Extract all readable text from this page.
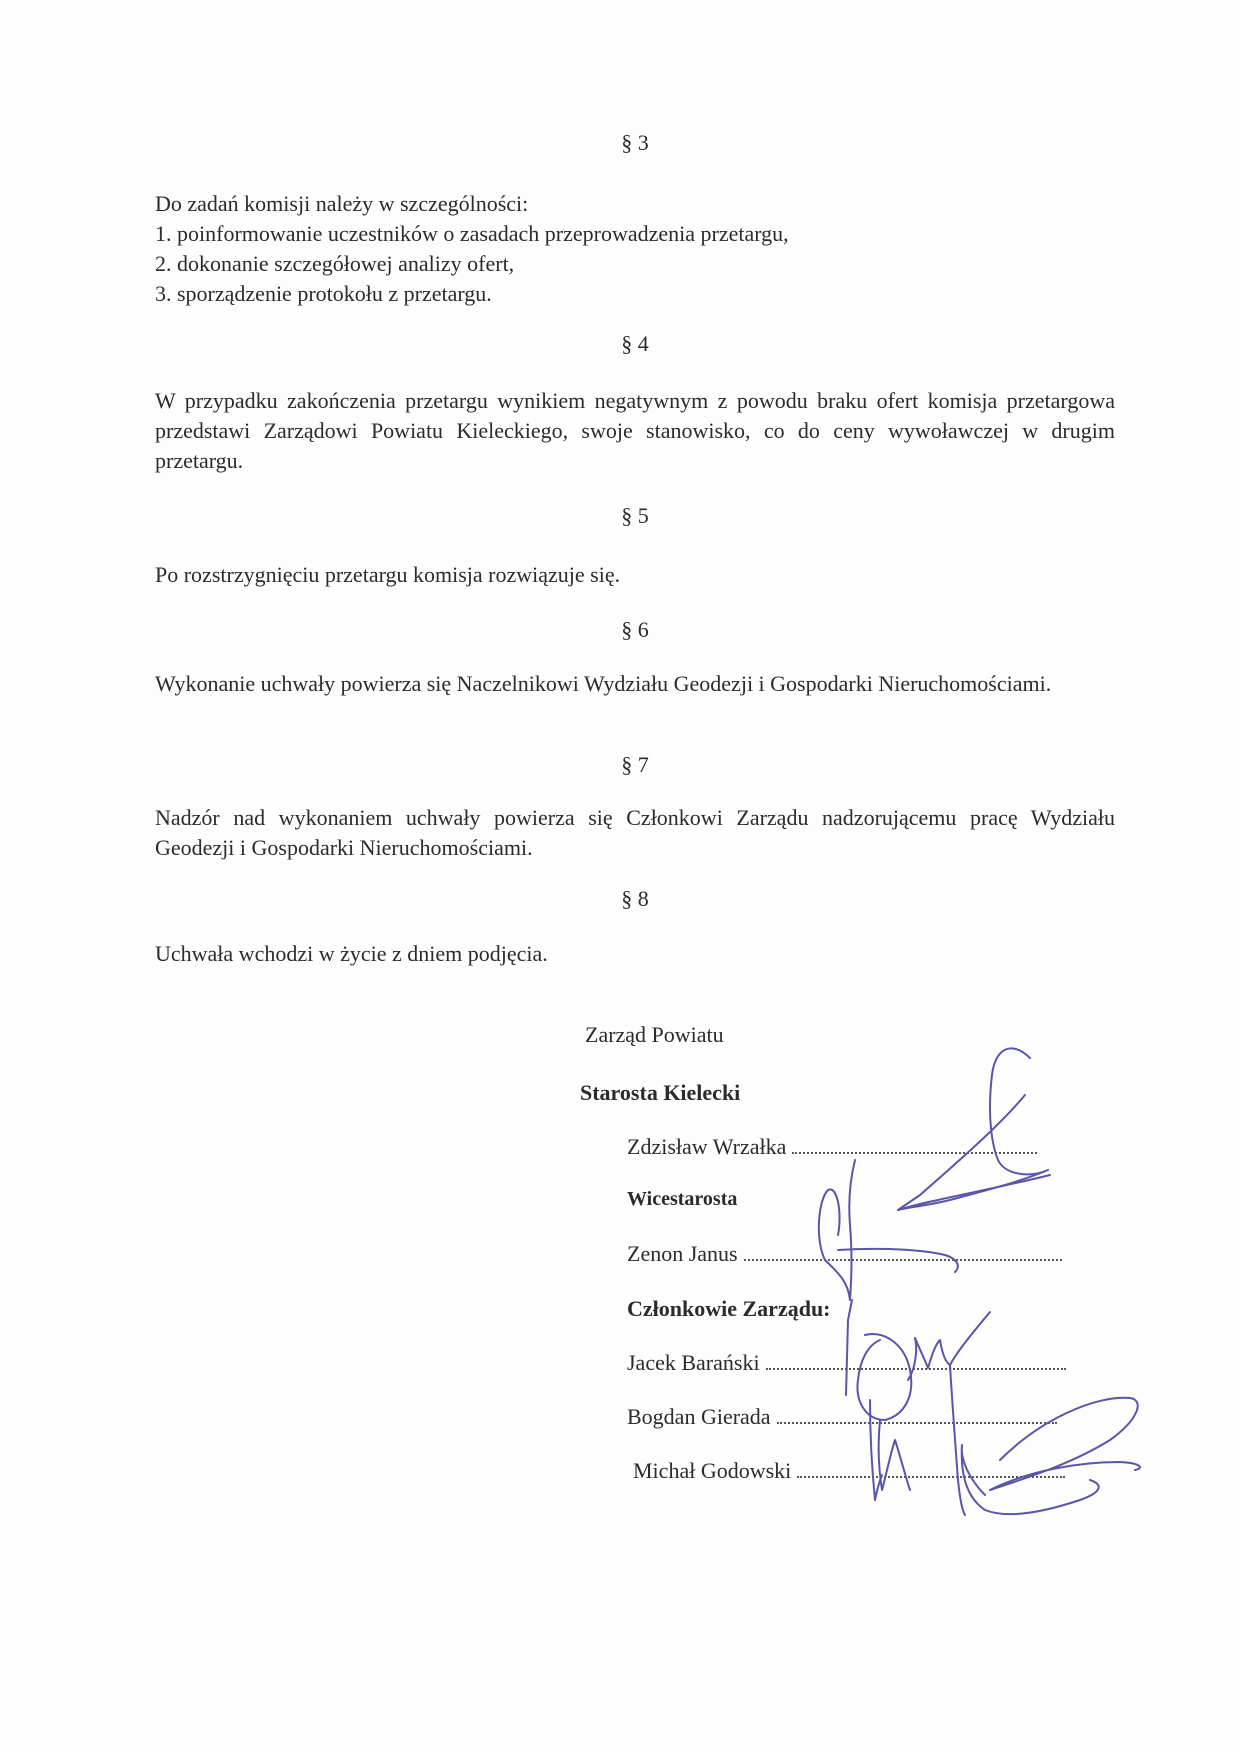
§ 3
Do zadań komisji należy w szczególności:
1. poinformowanie uczestników o zasadach przeprowadzenia przetargu,
2. dokonanie szczegółowej analizy ofert,
3. sporządzenie protokołu z przetargu.
§ 4
W przypadku zakończenia przetargu wynikiem negatywnym z powodu braku ofert komisja przetargowa przedstawi Zarządowi Powiatu Kieleckiego, swoje stanowisko, co do ceny wywoławczej w drugim przetargu.
§ 5
Po rozstrzygnięciu przetargu komisja rozwiązuje się.
§ 6
Wykonanie uchwały powierza się Naczelnikowi Wydziału Geodezji i Gospodarki Nieruchomościami.
§ 7
Nadzór nad wykonaniem uchwały powierza się Członkowi Zarządu nadzorującemu pracę Wydziału Geodezji i Gospodarki Nieruchomościami.
§ 8
Uchwała wchodzi w życie z dniem podjęcia.
Zarząd Powiatu
Starosta Kielecki
Zdzisław Wrzałka
Wicestarosta
Zenon Janus
Członkowie Zarządu:
Jacek Barański
Bogdan Gierada
Michał Godowski
